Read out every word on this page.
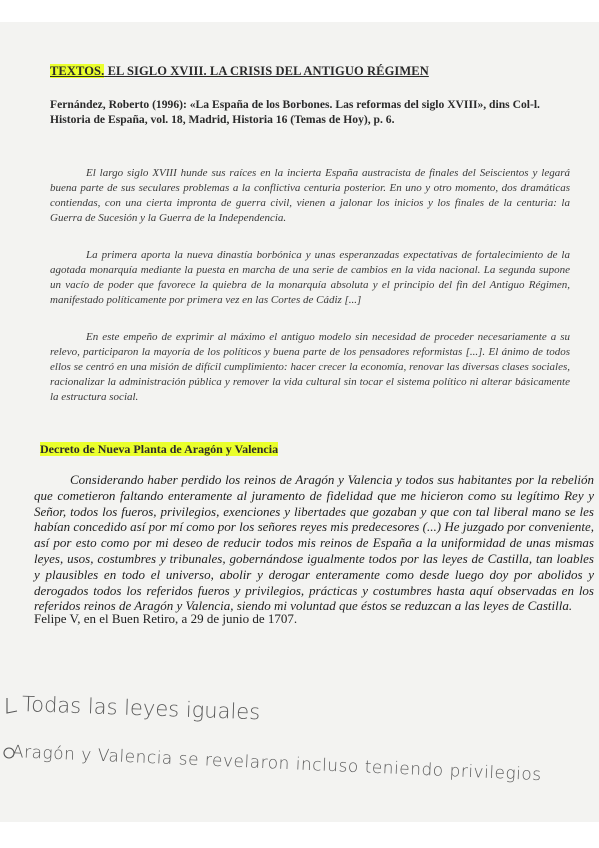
TEXTOS. EL SIGLO XVIII. LA CRISIS DEL ANTIGUO RÉGIMEN
Fernández, Roberto (1996): «La España de los Borbones. Las reformas del siglo XVIII», dins Col-l. Historia de España, vol. 18, Madrid, Historia 16 (Temas de Hoy), p. 6.
El largo siglo XVIII hunde sus raíces en la incierta España austracista de finales del Seiscientos y legará buena parte de sus seculares problemas a la conflictiva centuria posterior. En uno y otro momento, dos dramáticas contiendas, con una cierta impronta de guerra civil, vienen a jalonar los inicios y los finales de la centuria: la Guerra de Sucesión y la Guerra de la Independencia.
La primera aporta la nueva dinastía borbónica y unas esperanzadas expectativas de fortalecimiento de la agotada monarquía mediante la puesta en marcha de una serie de cambios en la vida nacional. La segunda supone un vacío de poder que favorece la quiebra de la monarquía absoluta y el principio del fin del Antiguo Régimen, manifestado políticamente por primera vez en las Cortes de Cádiz [...]
En este empeño de exprimir al máximo el antiguo modelo sin necesidad de proceder necesariamente a su relevo, participaron la mayoría de los políticos y buena parte de los pensadores reformistas [...]. El ánimo de todos ellos se centró en una misión de difícil cumplimiento: hacer crecer la economía, renovar las diversas clases sociales, racionalizar la administración pública y remover la vida cultural sin tocar el sistema político ni alterar básicamente la estructura social.
Decreto de Nueva Planta de Aragón y Valencia
Considerando haber perdido los reinos de Aragón y Valencia y todos sus habitantes por la rebelión que cometieron faltando enteramente al juramento de fidelidad que me hicieron como su legítimo Rey y Señor, todos los fueros, privilegios, exenciones y libertades que gozaban y que con tal liberal mano se les habían concedido así por mí como por los señores reyes mis predecesores (...) He juzgado por conveniente, así por esto como por mi deseo de reducir todos mis reinos de España a la uniformidad de unas mismas leyes, usos, costumbres y tribunales, gobernándose igualmente todos por las leyes de Castilla, tan loables y plausibles en todo el universo, abolir y derogar enteramente como desde luego doy por abolidos y derogados todos los referidos fueros y privilegios, prácticas y costumbres hasta aquí observadas en los referidos reinos de Aragón y Valencia, siendo mi voluntad que éstos se reduzcan a las leyes de Castilla.
Felipe V, en el Buen Retiro, a 29 de junio de 1707.
Todas las leyes iguales
Aragón y Valencia se revelaron incluso teniendo privilegios
